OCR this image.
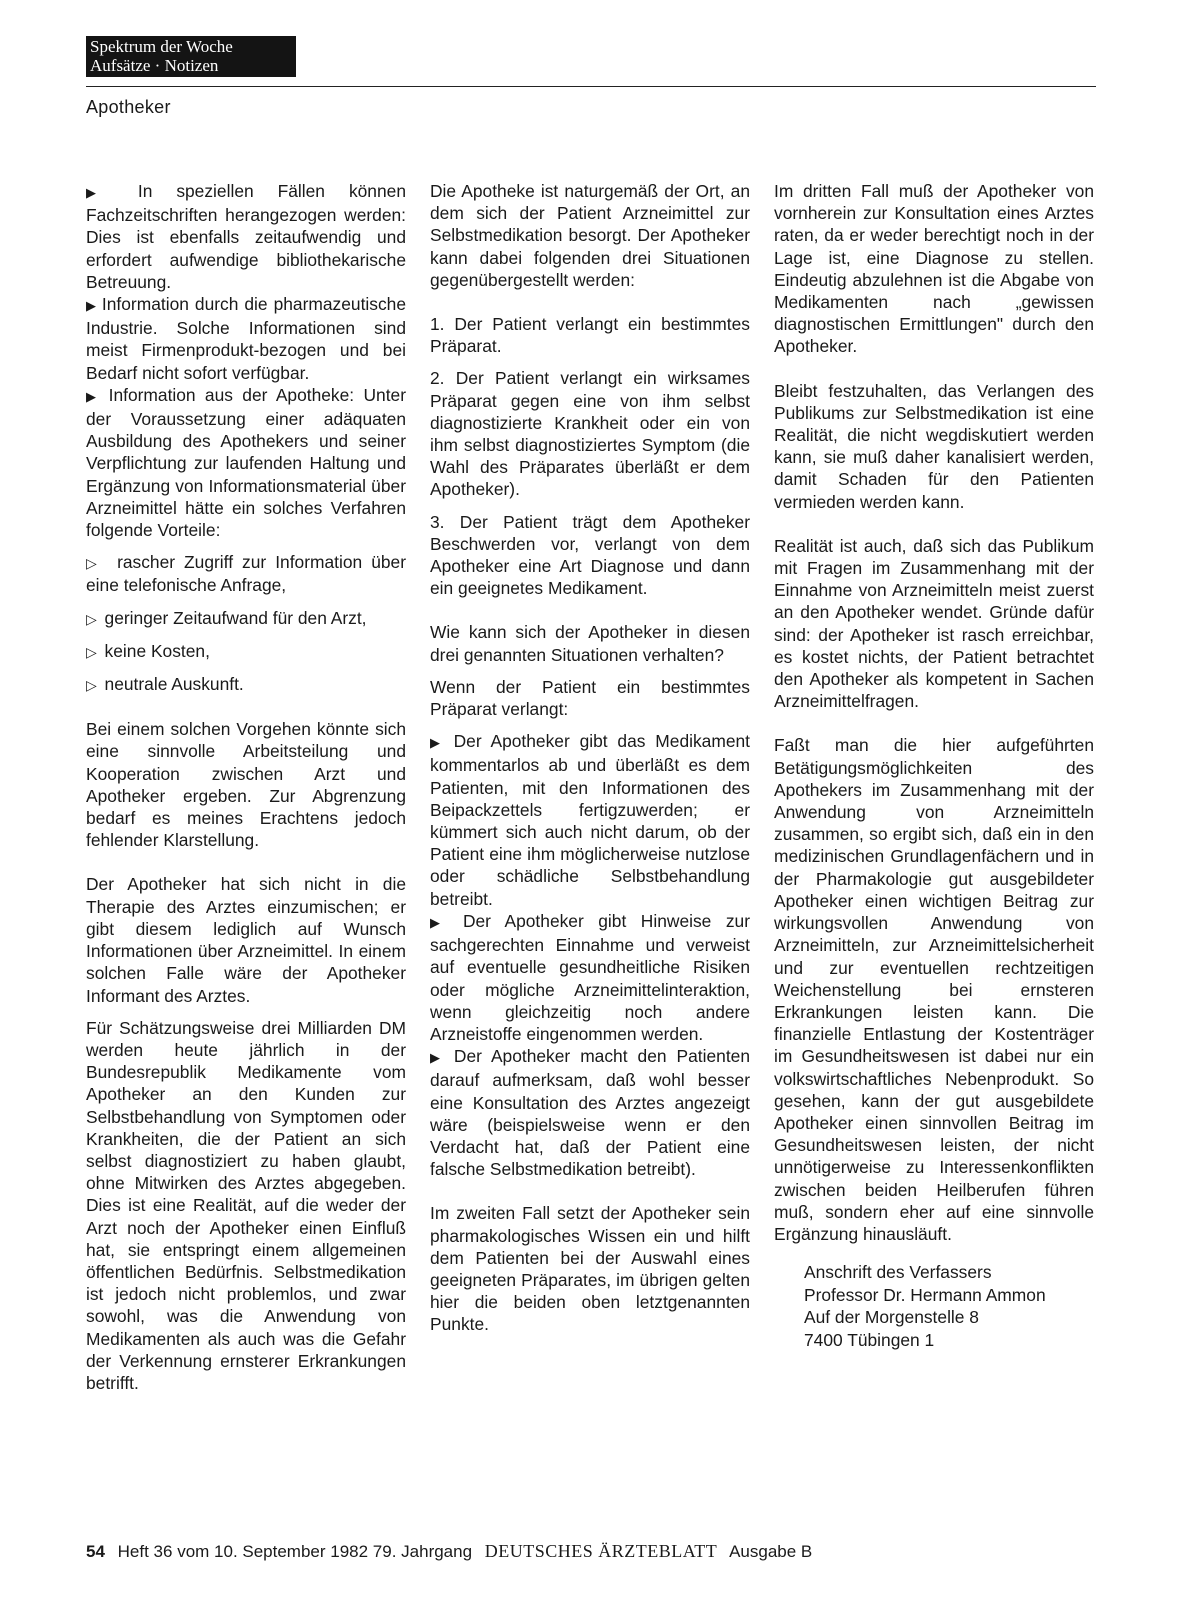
Spektrum der Woche
Aufsätze · Notizen
Apotheker

▶ In speziellen Fällen können Fachzeitschriften herangezogen werden: Dies ist ebenfalls zeitaufwendig und erfordert aufwendige bibliothekarische Betreuung.

▶ Information durch die pharmazeutische Industrie. Solche Informationen sind meist Firmenprodukt-bezogen und bei Bedarf nicht sofort verfügbar.

▶ Information aus der Apotheke: Unter der Voraussetzung einer adäquaten Ausbildung des Apothekers und seiner Verpflichtung zur laufenden Haltung und Ergänzung von Informationsmaterial über Arzneimittel hätte ein solches Verfahren folgende Vorteile:

▷  rascher Zugriff zur Information über eine telefonische Anfrage,

▷  geringer Zeitaufwand für den Arzt,

▷  keine Kosten,

▷  neutrale Auskunft.

Bei einem solchen Vorgehen könnte sich eine sinnvolle Arbeitsteilung und Kooperation zwischen Arzt und Apotheker ergeben. Zur Abgrenzung bedarf es meines Erachtens jedoch fehlender Klarstellung.

Der Apotheker hat sich nicht in die Therapie des Arztes einzumischen; er gibt diesem lediglich auf Wunsch Informationen über Arzneimittel. In einem solchen Falle wäre der Apotheker Informant des Arztes.

Für Schätzungsweise drei Milliarden DM werden heute jährlich in der Bundesrepublik Medikamente vom Apotheker an den Kunden zur Selbstbehandlung von Symptomen oder Krankheiten, die der Patient an sich selbst diagnostiziert zu haben glaubt, ohne Mitwirken des Arztes abgegeben. Dies ist eine Realität, auf die weder der Arzt noch der Apotheker einen Einfluß hat, sie entspringt einem allgemeinen öffentlichen Bedürfnis. Selbstmedikation ist jedoch nicht problemlos, und zwar sowohl, was die Anwendung von Medikamenten als auch was die Gefahr der Verkennung ernsterer Erkrankungen betrifft.

Die Apotheke ist naturgemäß der Ort, an dem sich der Patient Arzneimittel zur Selbstmedikation besorgt. Der Apotheker kann dabei folgenden drei Situationen gegenübergestellt werden:

1. Der Patient verlangt ein bestimmtes Präparat.

2. Der Patient verlangt ein wirksames Präparat gegen eine von ihm selbst diagnostizierte Krankheit oder ein von ihm selbst diagnostiziertes Symptom (die Wahl des Präparates überläßt er dem Apotheker).

3. Der Patient trägt dem Apotheker Beschwerden vor, verlangt von dem Apotheker eine Art Diagnose und dann ein geeignetes Medikament.

Wie kann sich der Apotheker in diesen drei genannten Situationen verhalten?

Wenn der Patient ein bestimmtes Präparat verlangt:

▶ Der Apotheker gibt das Medikament kommentarlos ab und überläßt es dem Patienten, mit den Informationen des Beipackzettels fertigzuwerden; er kümmert sich auch nicht darum, ob der Patient eine ihm möglicherweise nutzlose oder schädliche Selbstbehandlung betreibt.

▶ Der Apotheker gibt Hinweise zur sachgerechten Einnahme und verweist auf eventuelle gesundheitliche Risiken oder mögliche Arzneimittelinteraktion, wenn gleichzeitig noch andere Arzneistoffe eingenommen werden.

▶ Der Apotheker macht den Patienten darauf aufmerksam, daß wohl besser eine Konsultation des Arztes angezeigt wäre (beispielsweise wenn er den Verdacht hat, daß der Patient eine falsche Selbstmedikation betreibt).

Im zweiten Fall setzt der Apotheker sein pharmakologisches Wissen ein und hilft dem Patienten bei der Auswahl eines geeigneten Präparates, im übrigen gelten hier die beiden oben letztgenannten Punkte.

Im dritten Fall muß der Apotheker von vornherein zur Konsultation eines Arztes raten, da er weder berechtigt noch in der Lage ist, eine Diagnose zu stellen. Eindeutig abzulehnen ist die Abgabe von Medikamenten nach „gewissen diagnostischen Ermittlungen" durch den Apotheker.

Bleibt festzuhalten, das Verlangen des Publikums zur Selbstmedikation ist eine Realität, die nicht wegdiskutiert werden kann, sie muß daher kanalisiert werden, damit Schaden für den Patienten vermieden werden kann.

Realität ist auch, daß sich das Publikum mit Fragen im Zusammenhang mit der Einnahme von Arzneimitteln meist zuerst an den Apotheker wendet. Gründe dafür sind: der Apotheker ist rasch erreichbar, es kostet nichts, der Patient betrachtet den Apotheker als kompetent in Sachen Arzneimittelfragen.

Faßt man die hier aufgeführten Betätigungsmöglichkeiten des Apothekers im Zusammenhang mit der Anwendung von Arzneimitteln zusammen, so ergibt sich, daß ein in den medizinischen Grundlagenfächern und in der Pharmakologie gut ausgebildeter Apotheker einen wichtigen Beitrag zur wirkungsvollen Anwendung von Arzneimitteln, zur Arzneimittelsicherheit und zur eventuellen rechtzeitigen Weichenstellung bei ernsteren Erkrankungen leisten kann. Die finanzielle Entlastung der Kostenträger im Gesundheitswesen ist dabei nur ein volkswirtschaftliches Nebenprodukt. So gesehen, kann der gut ausgebildete Apotheker einen sinnvollen Beitrag im Gesundheitswesen leisten, der nicht unnötigerweise zu Interessenkonflikten zwischen beiden Heilberufen führen muß, sondern eher auf eine sinnvolle Ergänzung hinausläuft.

Anschrift des Verfassers
Professor Dr. Hermann Ammon
Auf der Morgenstelle 8
7400 Tübingen 1
54 Heft 36 vom 10. September 1982 79. Jahrgang DEUTSCHES ÄRZTEBLATT Ausgabe B
